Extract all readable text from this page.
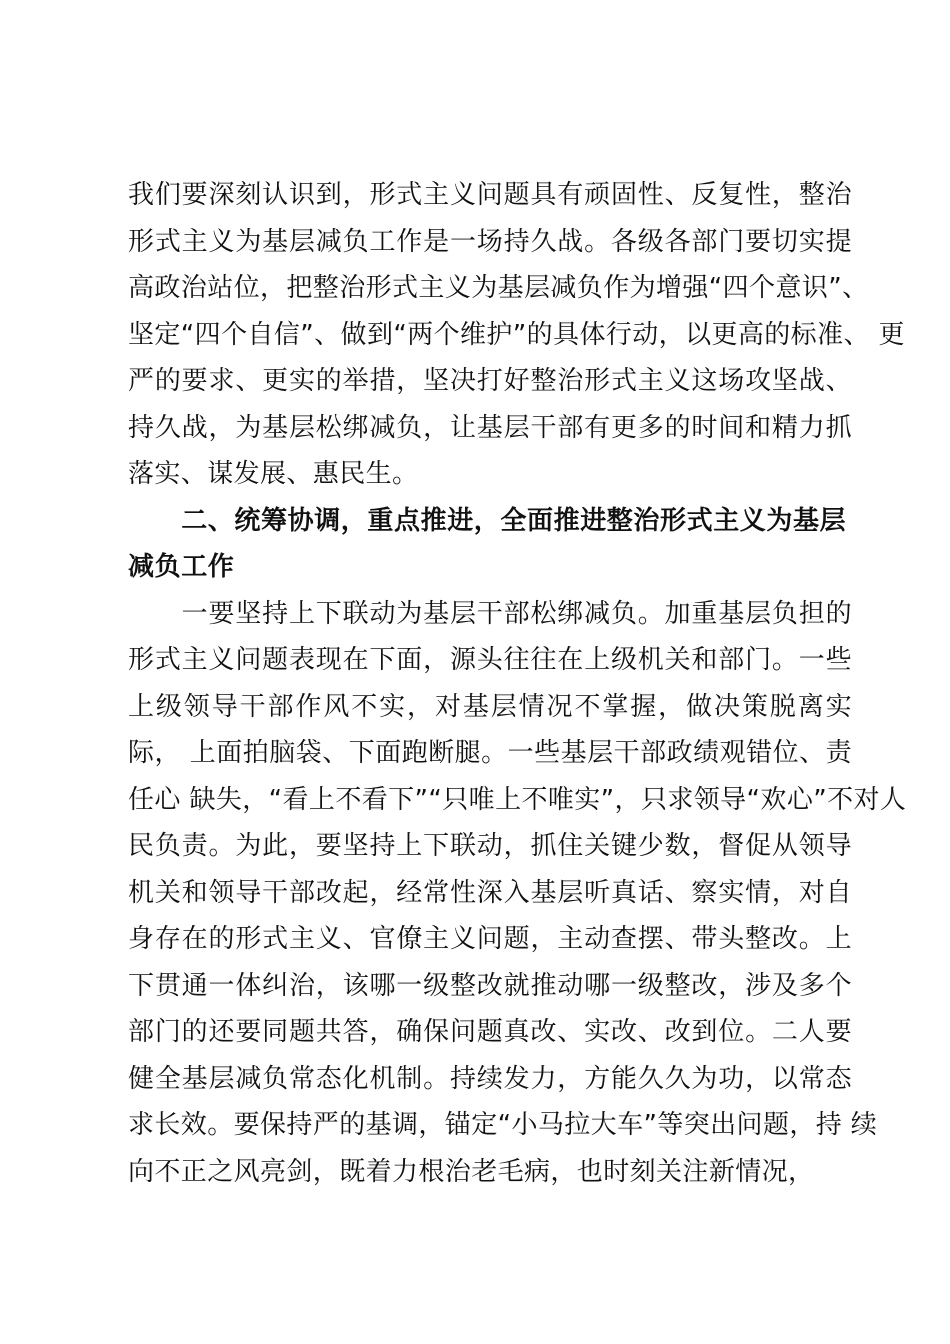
我们要深刻认识到，形式主义问题具有顽固性、反复性，整治
形式主义为基层减负工作是一场持久战。各级各部门要切实提
高政治站位，把整治形式主义为基层减负作为增强“四个意识”、
坚定“四个自信”、做到“两个维护”的具体行动，以更高的标准、 更
严的要求、更实的举措，坚决打好整治形式主义这场攻坚战、
持久战，为基层松绑减负，让基层干部有更多的时间和精力抓
落实、谋发展、惠民生。
　　二、统筹协调，重点推进，全面推进整治形式主义为基层
减负工作
　　一要坚持上下联动为基层干部松绑减负。加重基层负担的
形式主义问题表现在下面，源头往往在上级机关和部门。一些
上级领导干部作风不实，对基层情况不掌握，做决策脱离实
际， 上面拍脑袋、下面跑断腿。一些基层干部政绩观错位、责
任心 缺失，“看上不看下”“只唯上不唯实”，只求领导“欢心”不对人
民负责。为此，要坚持上下联动，抓住关键少数，督促从领导
机关和领导干部改起，经常性深入基层听真话、察实情，对自
身存在的形式主义、官僚主义问题，主动查摆、带头整改。上
下贯通一体纠治，该哪一级整改就推动哪一级整改，涉及多个
部门的还要同题共答，确保问题真改、实改、改到位。二人要
健全基层减负常态化机制。持续发力，方能久久为功，以常态
求长效。要保持严的基调，锚定“小马拉大车”等突出问题，持 续
向不正之风亮剑，既着力根治老毛病，也时刻关注新情况，
